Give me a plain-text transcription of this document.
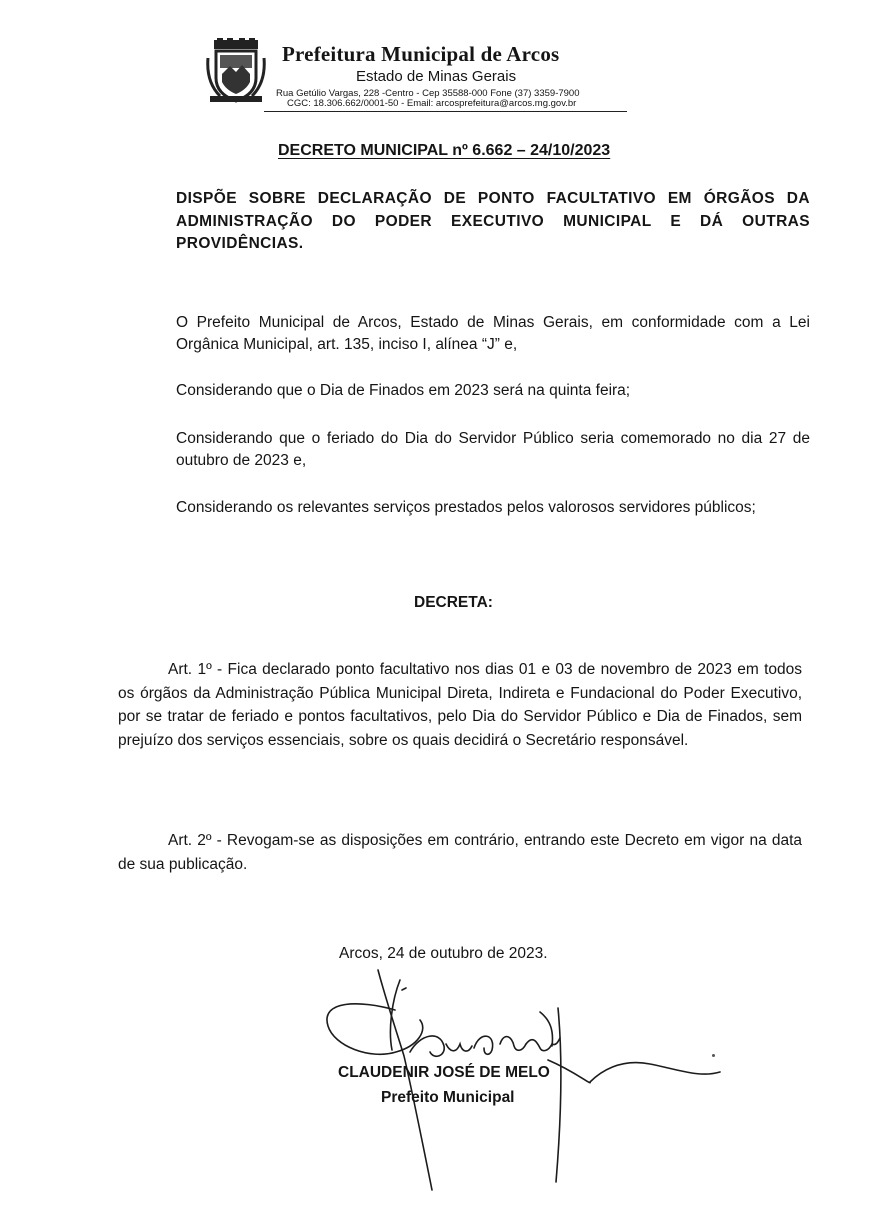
Prefeitura Municipal de Arcos
Estado de Minas Gerais
Rua Getúlio Vargas, 228 -Centro - Cep 35588-000 Fone (37) 3359-7900
CGC: 18.306.662/0001-50 - Email: arcosprefeitura@arcos.mg.gov.br
DECRETO MUNICIPAL nº 6.662 – 24/10/2023
DISPÕE SOBRE DECLARAÇÃO DE PONTO FACULTATIVO EM ÓRGÃOS DA ADMINISTRAÇÃO DO PODER EXECUTIVO MUNICIPAL E DÁ OUTRAS PROVIDÊNCIAS.
O Prefeito Municipal de Arcos, Estado de Minas Gerais, em conformidade com a Lei Orgânica Municipal, art. 135, inciso I, alínea “J” e,
Considerando que o Dia de Finados em 2023 será na quinta feira;
Considerando que o feriado do Dia do Servidor Público seria comemorado no dia 27 de outubro de 2023 e,
Considerando os relevantes serviços prestados pelos valorosos servidores públicos;
DECRETA:
Art. 1º - Fica declarado ponto facultativo nos dias 01 e 03 de novembro de 2023 em todos os órgãos da Administração Pública Municipal Direta, Indireta e Fundacional do Poder Executivo, por se tratar de feriado e pontos facultativos, pelo Dia do Servidor Público e Dia de Finados, sem prejuízo dos serviços essenciais, sobre os quais decidirá o Secretário responsável.
Art. 2º - Revogam-se as disposições em contrário, entrando este Decreto em vigor na data de sua publicação.
Arcos, 24 de outubro de 2023.
CLAUDENIR JOSÉ DE MELO
Prefeito Municipal
